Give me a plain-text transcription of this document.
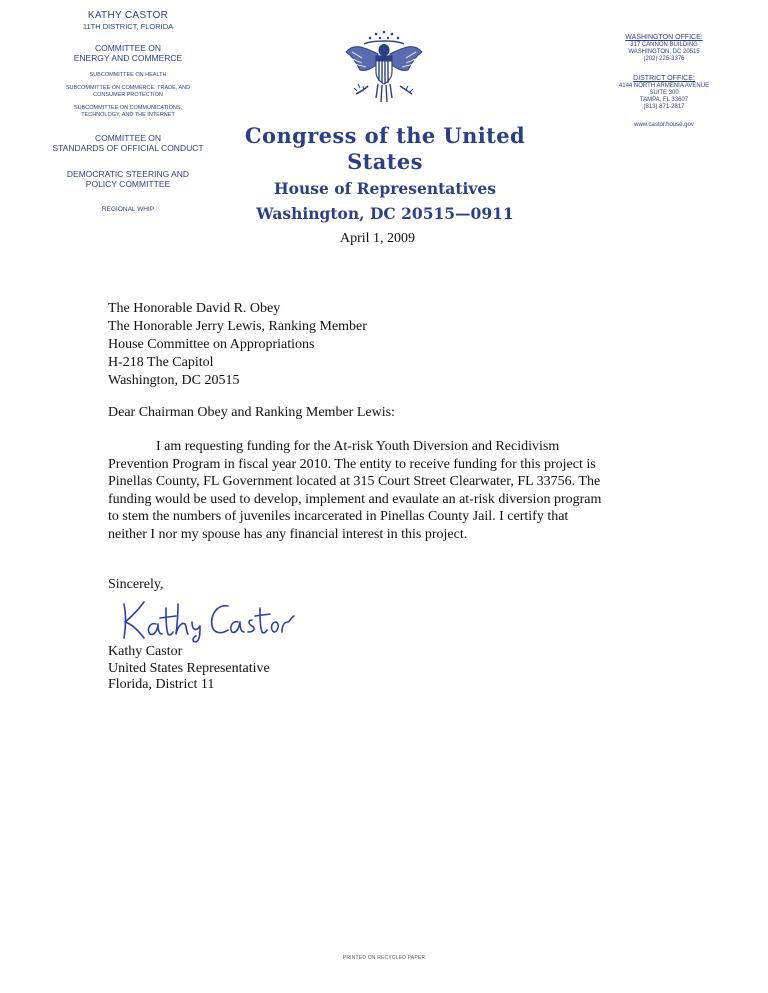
KATHY CASTOR
11TH DISTRICT, FLORIDA
COMMITTEE ON
ENERGY AND COMMERCE
SUBCOMMITTEE ON HEALTH
SUBCOMMITTEE ON COMMERCE, TRADE, AND
CONSUMER PROTECTION
SUBCOMMITTEE ON COMMUNICATIONS,
TECHNOLOGY, AND THE INTERNET
COMMITTEE ON
STANDARDS OF OFFICIAL CONDUCT
DEMOCRATIC STEERING AND
POLICY COMMITTEE
REGIONAL WHIP
Congress of the United States
House of Representatives
Washington, DC 20515—0911
WASHINGTON OFFICE:
317 CANNON BUILDING
WASHINGTON, DC 20515
(202) 225-3376
DISTRICT OFFICE:
4144 NORTH ARMENIA AVENUE
SUITE 300
TAMPA, FL 33607
(813) 871-2817
www.castor.house.gov
April 1, 2009
The Honorable David R. Obey
The Honorable Jerry Lewis, Ranking Member
House Committee on Appropriations
H-218 The Capitol
Washington, DC 20515
Dear Chairman Obey and Ranking Member Lewis:
I am requesting funding for the At-risk Youth Diversion and Recidivism
Prevention Program in fiscal year 2010. The entity to receive funding for this project is
Pinellas County, FL Government located at 315 Court Street Clearwater, FL 33756. The
funding would be used to develop, implement and evaulate an at-risk diversion program
to stem the numbers of juveniles incarcerated in Pinellas County Jail. I certify that
neither I nor my spouse has any financial interest in this project.
Sincerely,
Kathy Castor
United States Representative
Florida, District 11
PRINTED ON RECYCLED PAPER
